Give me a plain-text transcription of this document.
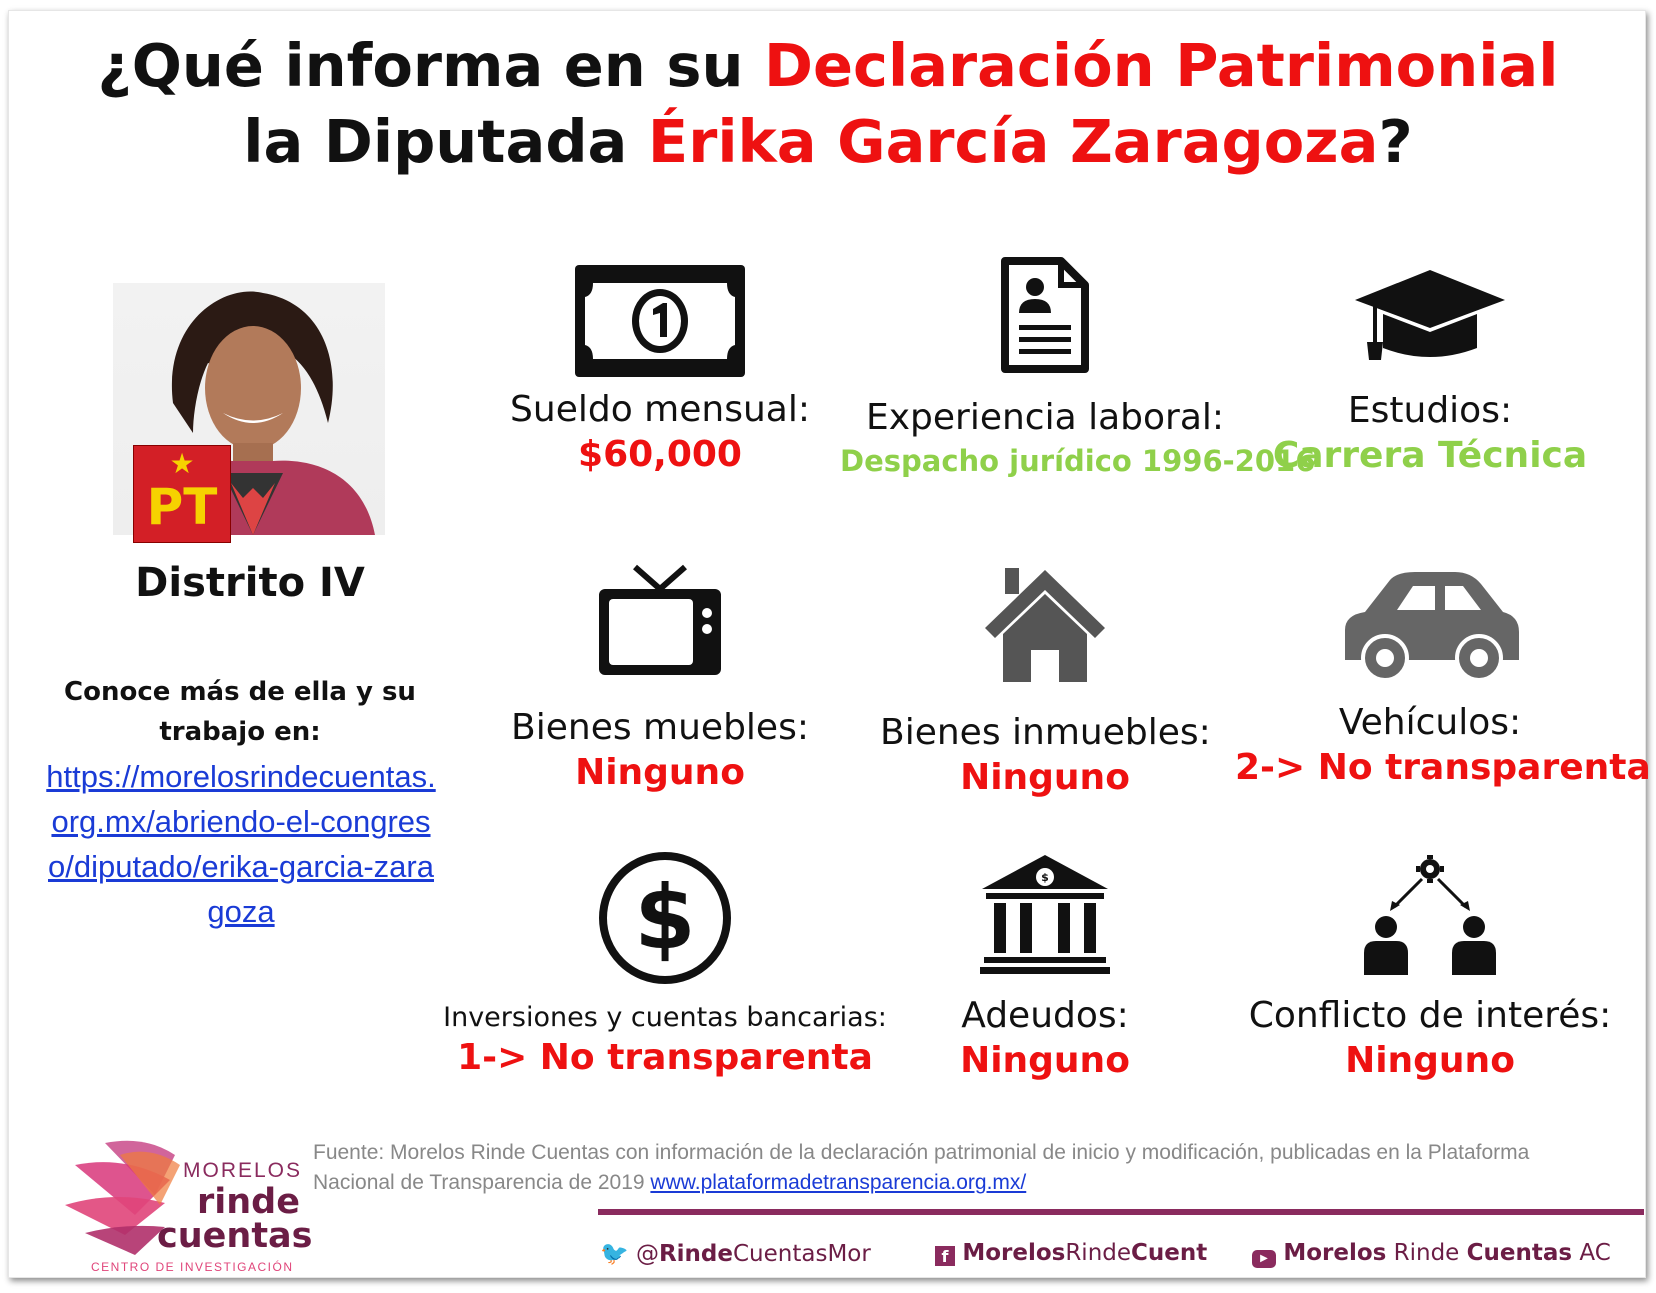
¿Qué informa en su Declaración Patrimonial
la Diputada Érika García Zaragoza?
★
PT
Distrito IV
Conoce más de ella y su trabajo en:
https://morelosrindecuentas.org.mx/abriendo-el-congreso/diputado/erika-garcia-zaragoza
Sueldo mensual:
$60,000
Experiencia laboral:
Despacho jurídico 1996-2016
Estudios:
Carrera Técnica
Bienes muebles:
Ninguno
Bienes inmuebles:
Ninguno
Vehículos:
2-> No transparenta
$
Inversiones y cuentas bancarias:
1-> No transparenta
$
Adeudos:
Ninguno
Conflicto de interés:
Ninguno
MORELOS
rinde
cuentas
CENTRO DE INVESTIGACIÓN
Fuente: Morelos Rinde Cuentas con información de la declaración patrimonial de inicio y modificación, publicadas en la Plataforma Nacional de Transparencia de 2019 www.plataformadetransparencia.org.mx/
🐦 @RindeCuentasMor	f MorelosRindeCuent	▶ Morelos Rinde Cuentas AC
